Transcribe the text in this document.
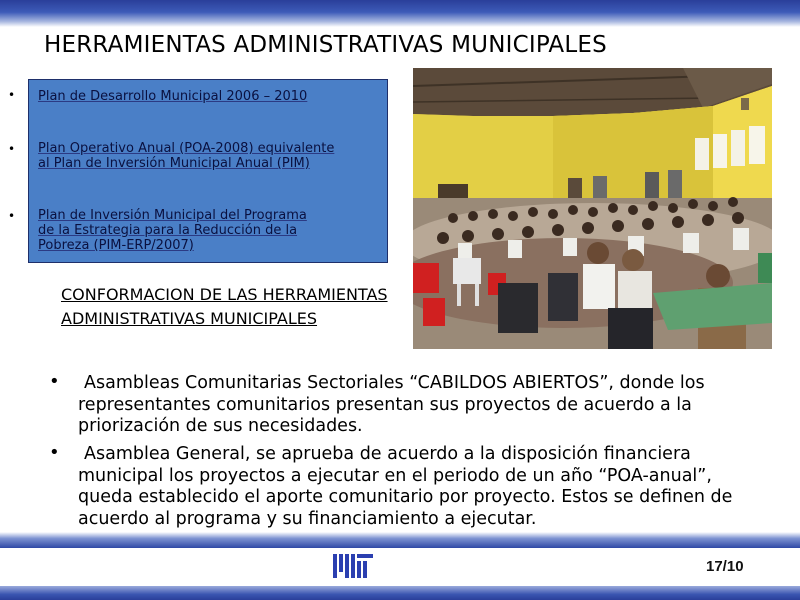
HERRAMIENTAS ADMINISTRATIVAS MUNICIPALES
•
•
•
Plan de Desarrollo Municipal 2006 – 2010
Plan Operativo Anual (POA-2008) equivalente al Plan de Inversión Municipal Anual (PIM)
Plan de Inversión Municipal del Programa de la Estrategia para la Reducción de la Pobreza (PIM-ERP/2007)
CONFORMACION DE LAS HERRAMIENTAS ADMINISTRATIVAS MUNICIPALES
•	Asambleas Comunitarias Sectoriales “CABILDOS ABIERTOS”, donde los representantes comunitarios presentan sus proyectos de acuerdo a la priorización de sus necesidades.
•	Asamblea General, se aprueba de acuerdo a la disposición financiera municipal los proyectos a ejecutar en el periodo de un año “POA-anual”, queda establecido el aporte comunitario por proyecto. Estos se definen de acuerdo al programa y su financiamiento a ejecutar.
17/10
